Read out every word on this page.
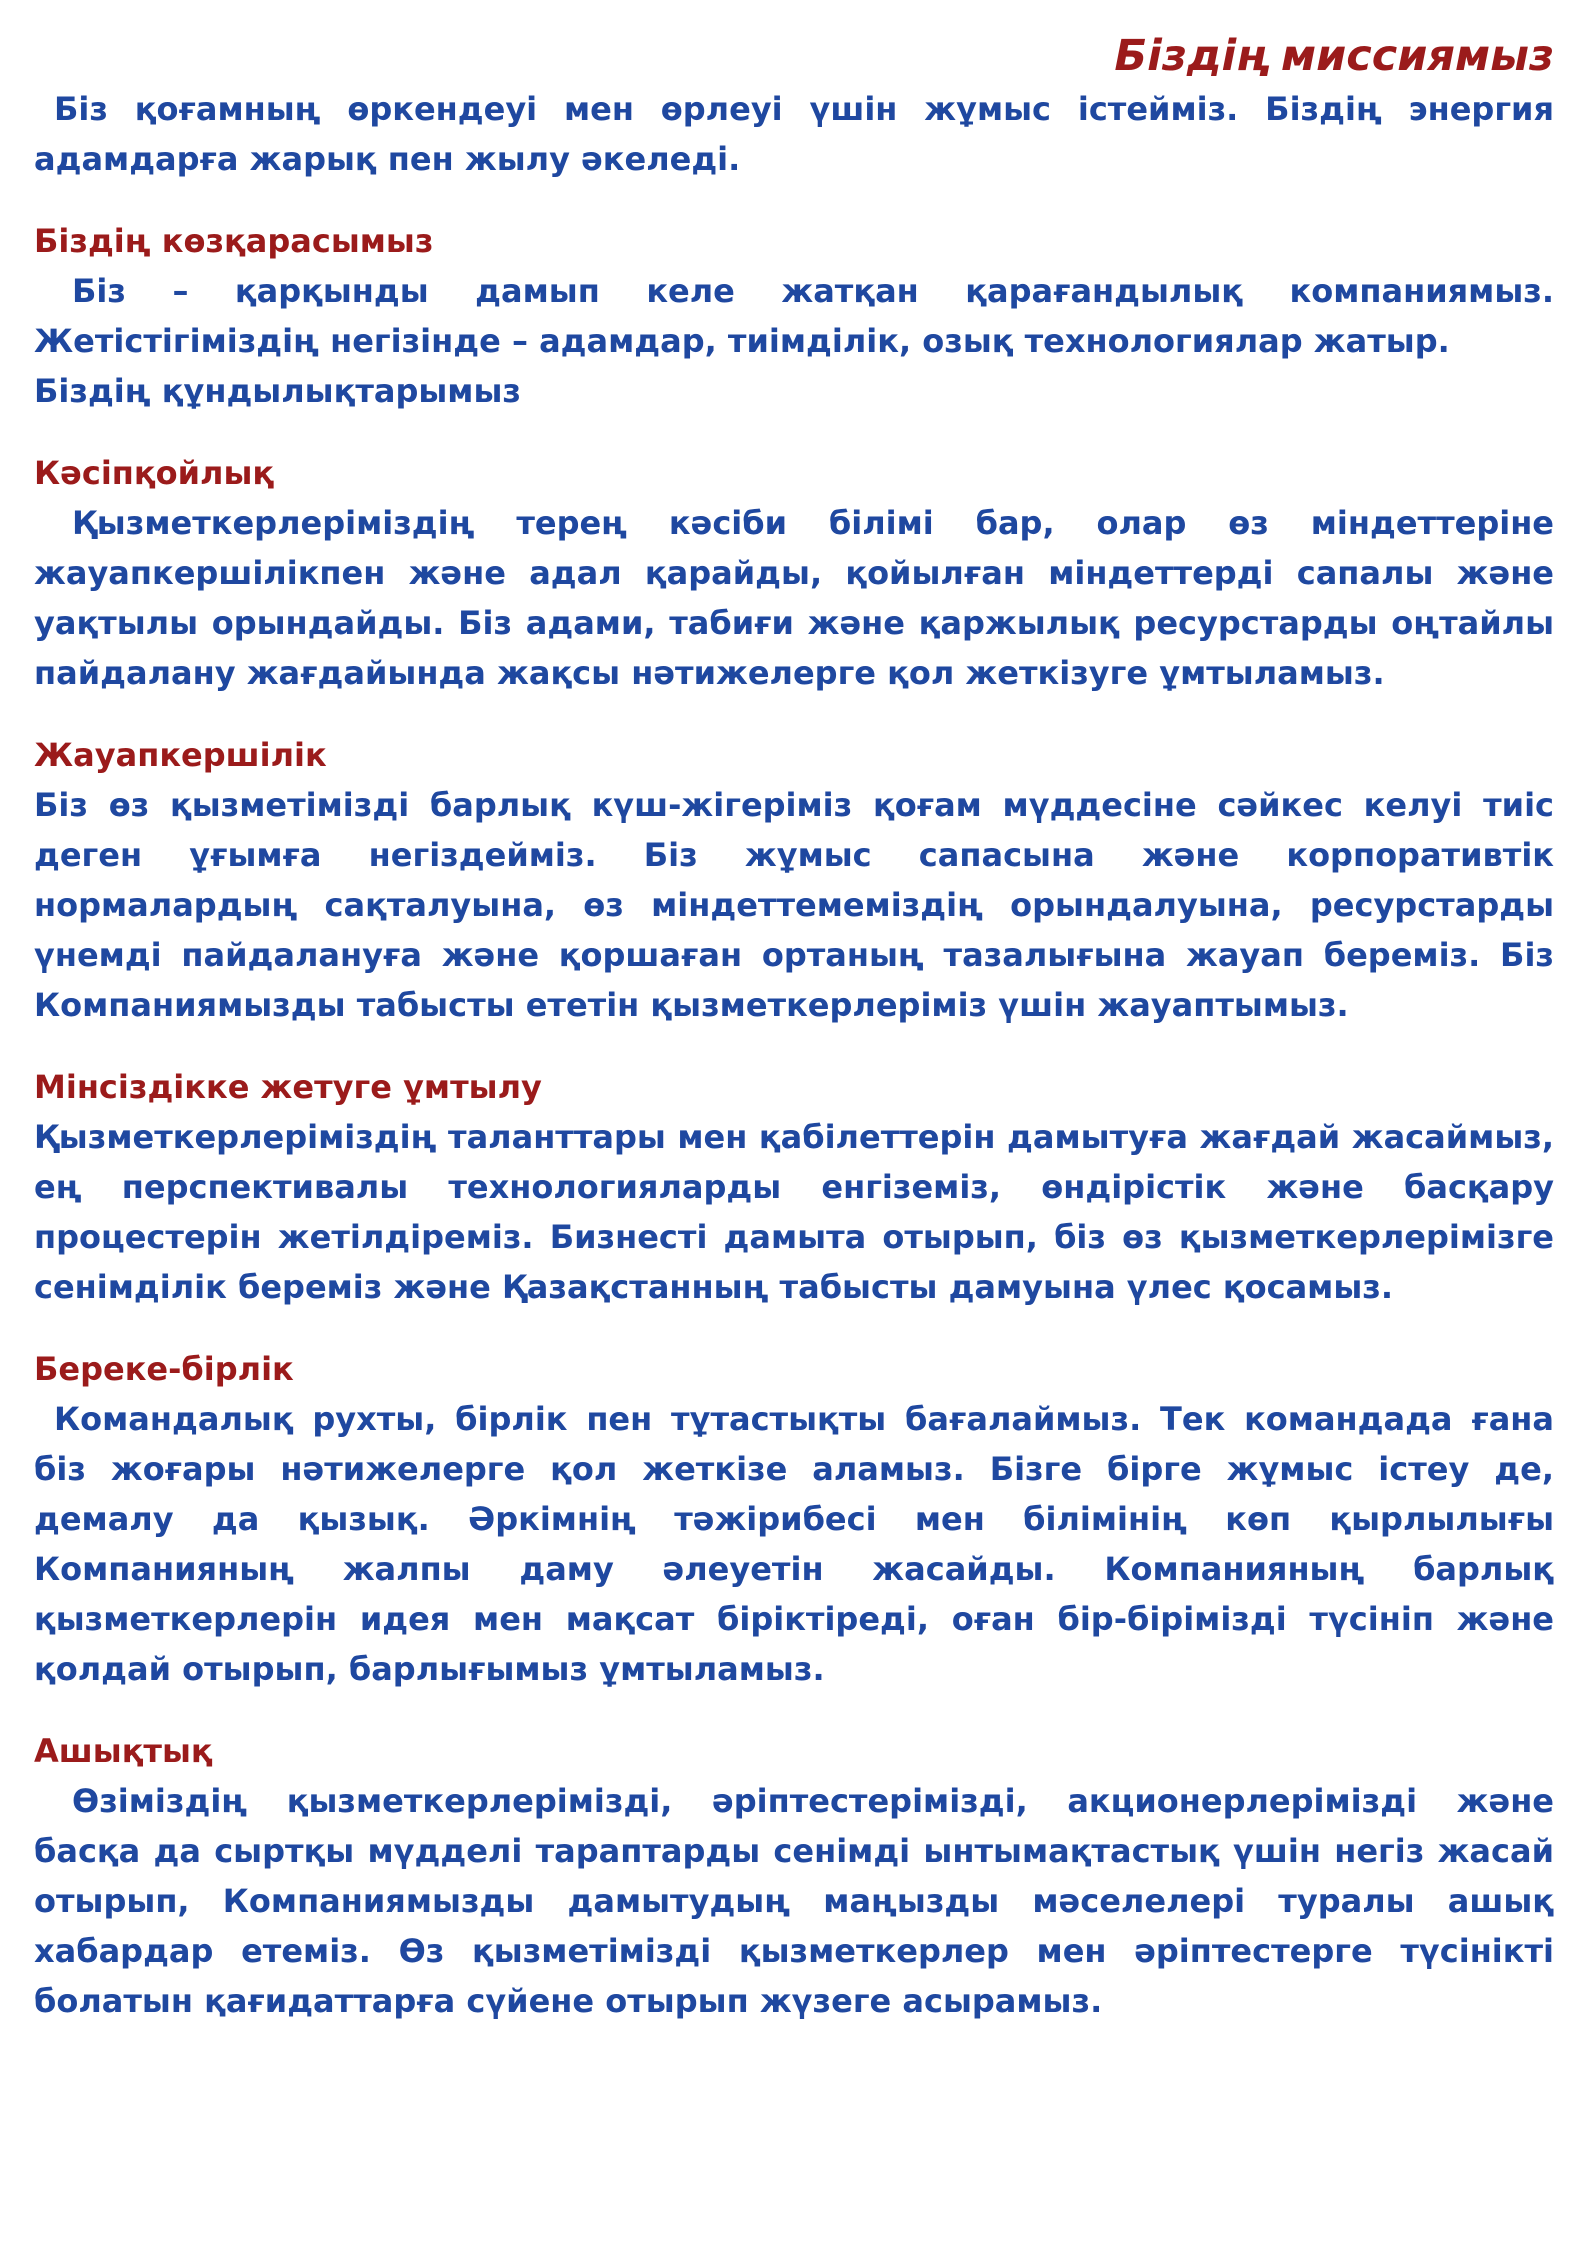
Біздің миссиямыз

Біз қоғамның өркендеуі мен өрлеуі үшін жұмыс істейміз. Біздің энергия адамдарға жарық пен жылу әкеледі.

Біздің көзқарасымыз

Біз – қарқынды дамып келе жатқан қарағандылық компаниямыз. Жетістігіміздің негізінде – адамдар, тиімділік, озық технологиялар жатыр.

Біздің құндылықтарымыз
Кәсіпқойлық

Қызметкерлеріміздің терең кәсіби білімі бар, олар өз міндеттеріне жауапкершілікпен және адал қарайды, қойылған міндеттерді сапалы және уақтылы орындайды. Біз адами, табиғи және қаржылық ресурстарды оңтайлы пайдалану жағдайында жақсы нәтижелерге қол жеткізуге ұмтыламыз.

Жауапкершілік

Біз өз қызметімізді барлық күш-жігеріміз қоғам мүддесіне сәйкес келуі тиіс деген ұғымға негіздейміз. Біз жұмыс сапасына және корпоративтік нормалардың сақталуына, өз міндеттемеміздің орындалуына, ресурстарды үнемді пайдалануға және қоршаған ортаның тазалығына жауап береміз. Біз Компаниямызды табысты ететін қызметкерлеріміз үшін жауаптымыз.

Мінсіздікке жетуге ұмтылу

Қызметкерлеріміздің таланттары мен қабілеттерін дамытуға жағдай жасаймыз, ең перспективалы технологияларды енгіземіз, өндірістік және басқару процестерін жетілдіреміз. Бизнесті дамыта отырып, біз өз қызметкерлерімізге сенімділік береміз және Қазақстанның табысты дамуына үлес қосамыз.

Береке-бірлік

Командалық рухты, бірлік пен тұтастықты бағалаймыз. Тек командада ғана біз жоғары нәтижелерге қол жеткізе аламыз. Бізге бірге жұмыс істеу де, демалу да қызық. Әркімнің тәжірибесі мен білімінің көп қырлылығы Компанияның жалпы даму әлеуетін жасайды. Компанияның барлық қызметкерлерін идея мен мақсат біріктіреді, оған бір-бірімізді түсініп және қолдай отырып, барлығымыз ұмтыламыз.

Ашықтық

Өзіміздің қызметкерлерімізді, әріптестерімізді, акционерлерімізді және басқа да сыртқы мүдделі тараптарды сенімді ынтымақтастық үшін негіз жасай отырып, Компаниямызды дамытудың маңызды мәселелері туралы ашық хабардар етеміз. Өз қызметімізді қызметкерлер мен әріптестерге түсінікті болатын қағидаттарға сүйене отырып жүзеге асырамыз.
